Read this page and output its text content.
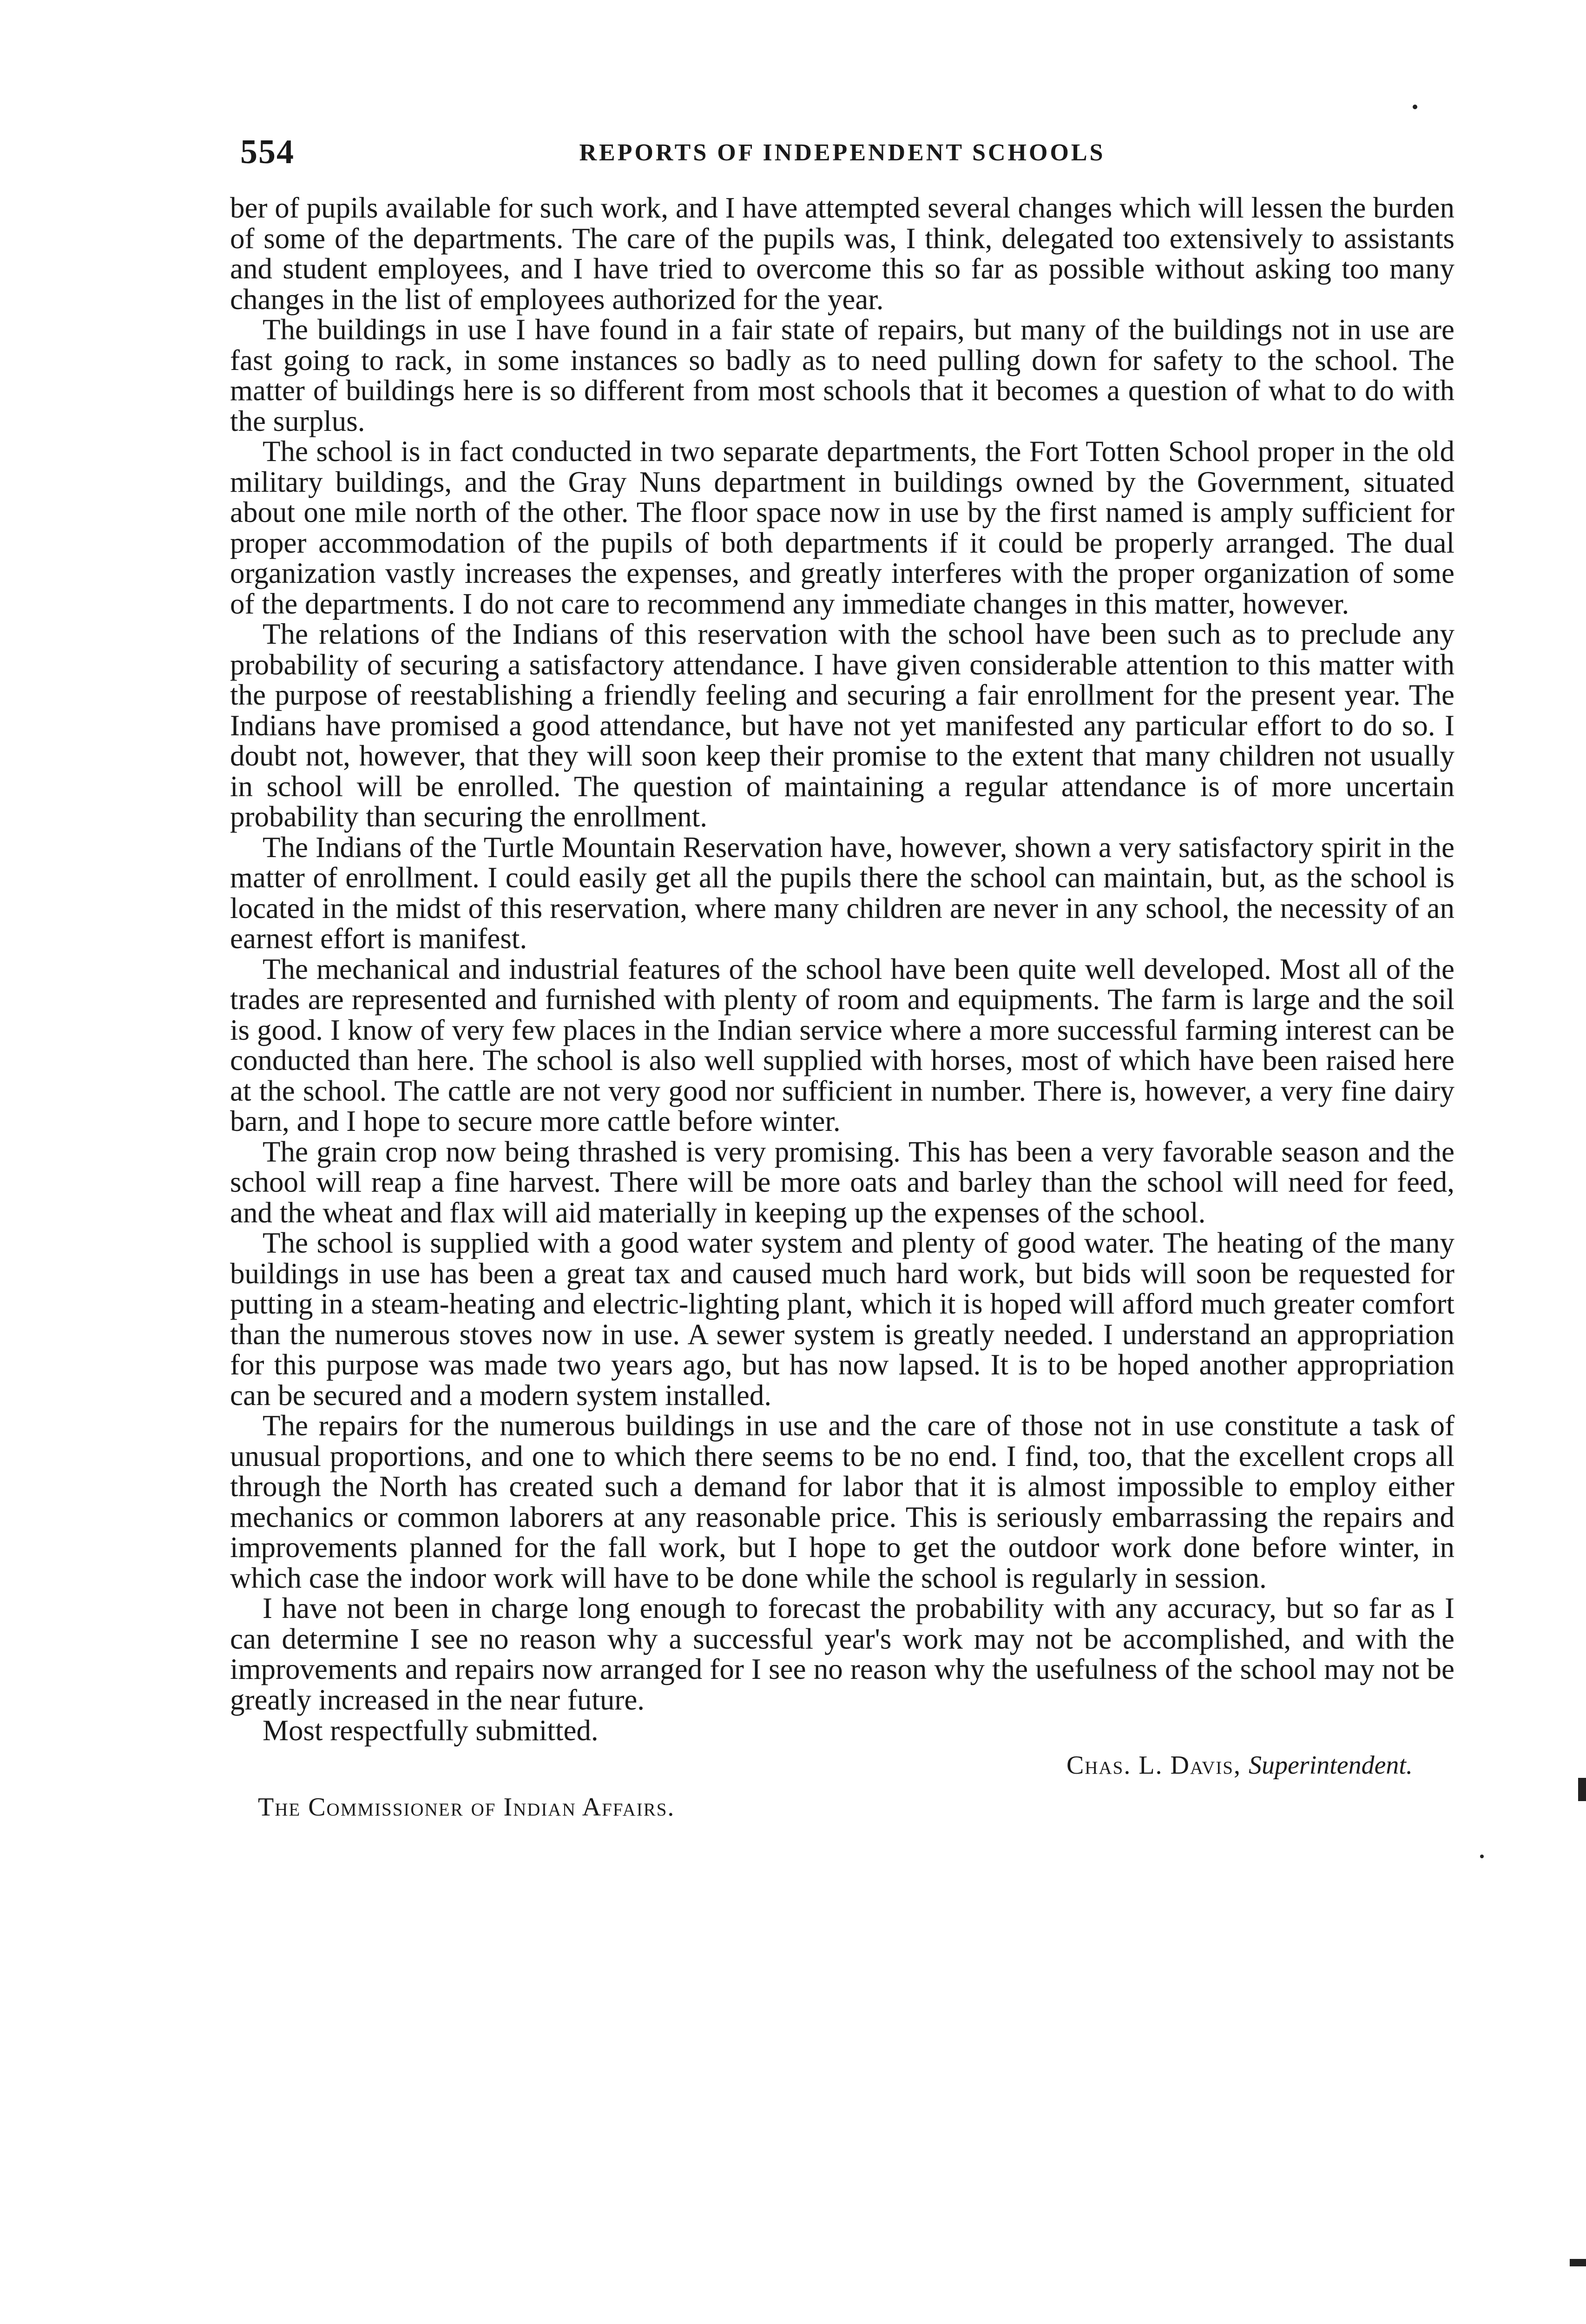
554	REPORTS OF INDEPENDENT SCHOOLS

ber of pupils available for such work, and I have attempted several changes which will lessen the burden of some of the departments. The care of the pupils was, I think, delegated too extensively to assistants and student employees, and I have tried to overcome this so far as possible without asking too many changes in the list of employees authorized for the year.

The buildings in use I have found in a fair state of repairs, but many of the buildings not in use are fast going to rack, in some instances so badly as to need pulling down for safety to the school. The matter of buildings here is so different from most schools that it becomes a question of what to do with the surplus.

The school is in fact conducted in two separate departments, the Fort Totten School proper in the old military buildings, and the Gray Nuns department in buildings owned by the Government, situated about one mile north of the other. The floor space now in use by the first named is amply sufficient for proper accommodation of the pupils of both departments if it could be properly arranged. The dual organization vastly increases the expenses, and greatly interferes with the proper organization of some of the departments. I do not care to recommend any immediate changes in this matter, however.

The relations of the Indians of this reservation with the school have been such as to preclude any probability of securing a satisfactory attendance. I have given considerable attention to this matter with the purpose of reestablishing a friendly feeling and securing a fair enrollment for the present year. The Indians have promised a good attendance, but have not yet manifested any particular effort to do so. I doubt not, however, that they will soon keep their promise to the extent that many children not usually in school will be enrolled. The question of maintaining a regular attendance is of more uncertain probability than securing the enrollment.

The Indians of the Turtle Mountain Reservation have, however, shown a very satisfactory spirit in the matter of enrollment. I could easily get all the pupils there the school can maintain, but, as the school is located in the midst of this reservation, where many children are never in any school, the necessity of an earnest effort is manifest.

The mechanical and industrial features of the school have been quite well developed. Most all of the trades are represented and furnished with plenty of room and equipments. The farm is large and the soil is good. I know of very few places in the Indian service where a more successful farming interest can be conducted than here. The school is also well supplied with horses, most of which have been raised here at the school. The cattle are not very good nor sufficient in number. There is, however, a very fine dairy barn, and I hope to secure more cattle before winter.

The grain crop now being thrashed is very promising. This has been a very favorable season and the school will reap a fine harvest. There will be more oats and barley than the school will need for feed, and the wheat and flax will aid materially in keeping up the expenses of the school.

The school is supplied with a good water system and plenty of good water. The heating of the many buildings in use has been a great tax and caused much hard work, but bids will soon be requested for putting in a steam-heating and electric-lighting plant, which it is hoped will afford much greater comfort than the numerous stoves now in use. A sewer system is greatly needed. I understand an appropriation for this purpose was made two years ago, but has now lapsed. It is to be hoped another appropriation can be secured and a modern system installed.

The repairs for the numerous buildings in use and the care of those not in use constitute a task of unusual proportions, and one to which there seems to be no end. I find, too, that the excellent crops all through the North has created such a demand for labor that it is almost impossible to employ either mechanics or common laborers at any reasonable price. This is seriously embarrassing the repairs and improvements planned for the fall work, but I hope to get the outdoor work done before winter, in which case the indoor work will have to be done while the school is regularly in session.

I have not been in charge long enough to forecast the probability with any accuracy, but so far as I can determine I see no reason why a successful year's work may not be accomplished, and with the improvements and repairs now arranged for I see no reason why the usefulness of the school may not be greatly increased in the near future.

Most respectfully submitted.

Chas. L. Davis, Superintendent.
The Commissioner of Indian Affairs.
